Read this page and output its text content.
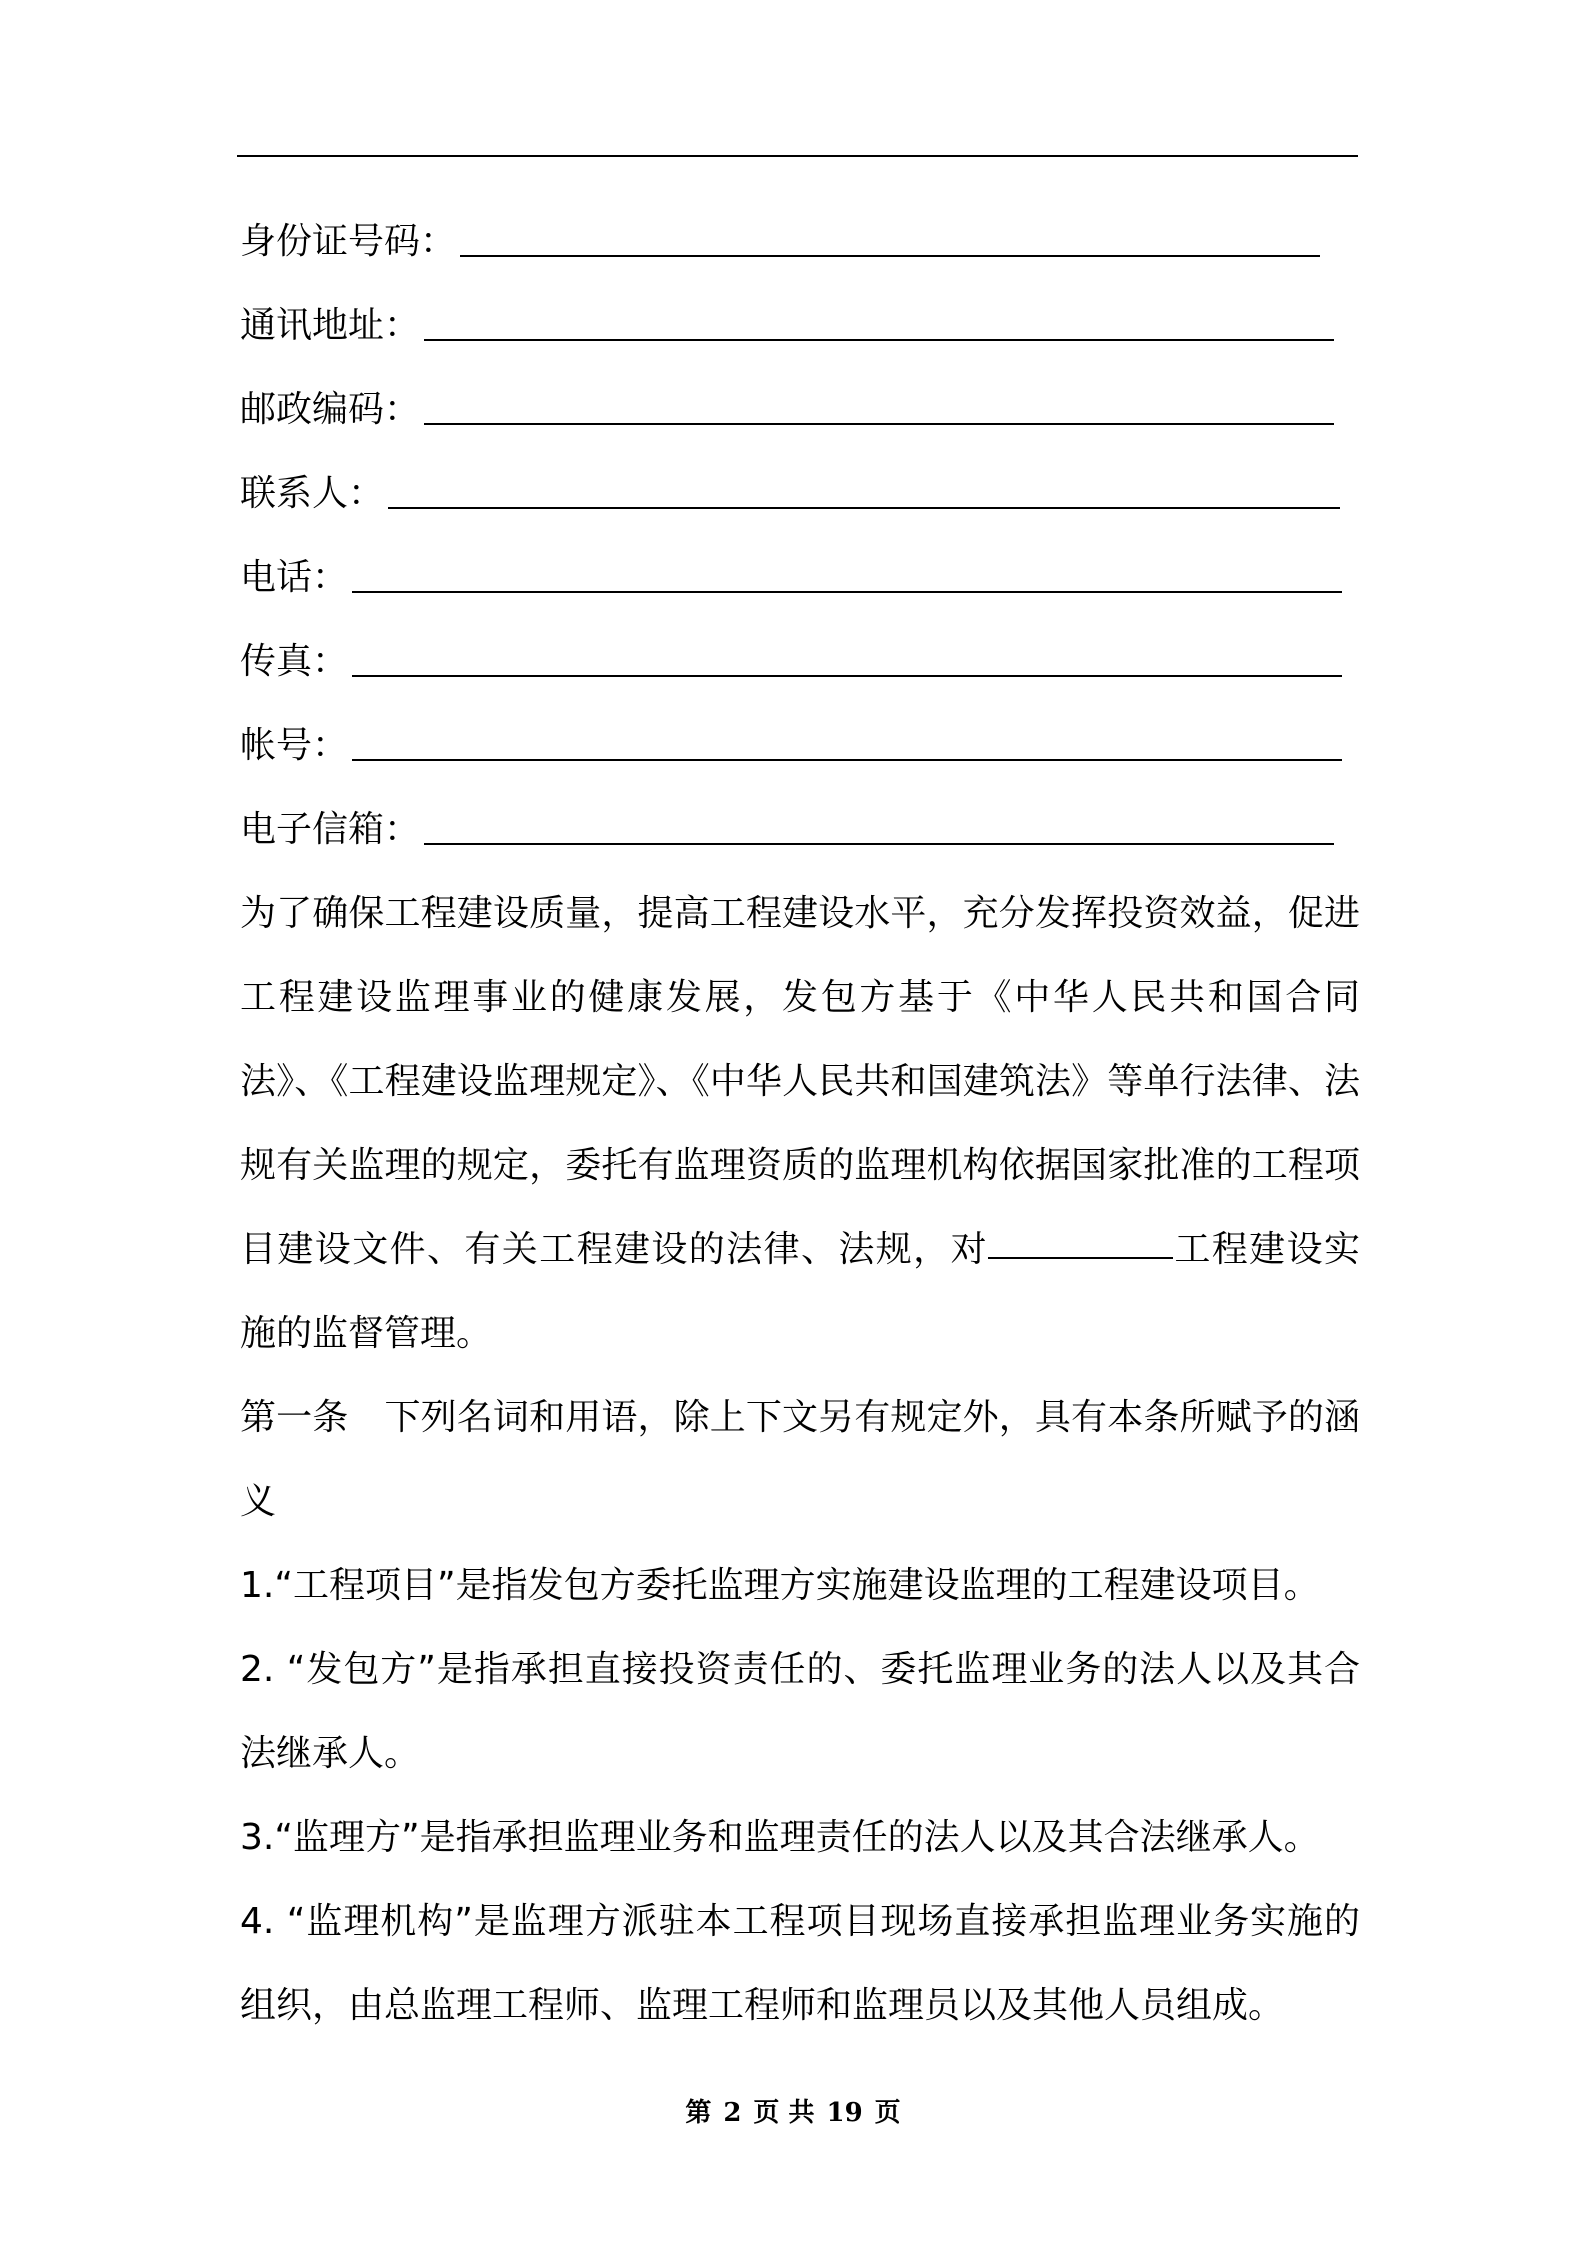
身份证号码：
通讯地址：
邮政编码：
联系人：
电话：
传真：
帐号：
电子信箱：

为了确保工程建设质量，提高工程建设水平，充分发挥投资效益，促进工程建设监理事业的健康发展，发包方基于《中华人民共和国合同法》、《工程建设监理规定》、《中华人民共和国建筑法》等单行法律、法规有关监理的规定，委托有监理资质的监理机构依据国家批准的工程项目建设文件、有关工程建设的法律、法规，对	工程建设实施的监督管理。

第一条　下列名词和用语，除上下文另有规定外，具有本条所赋予的涵义

1.“工程项目”是指发包方委托监理方实施建设监理的工程建设项目。

2. “发包方”是指承担直接投资责任的、委托监理业务的法人以及其合法继承人。

3.“监理方”是指承担监理业务和监理责任的法人以及其合法继承人。

4. “监理机构”是监理方派驻本工程项目现场直接承担监理业务实施的组织，由总监理工程师、监理工程师和监理员以及其他人员组成。

第 2 页 共 19 页
